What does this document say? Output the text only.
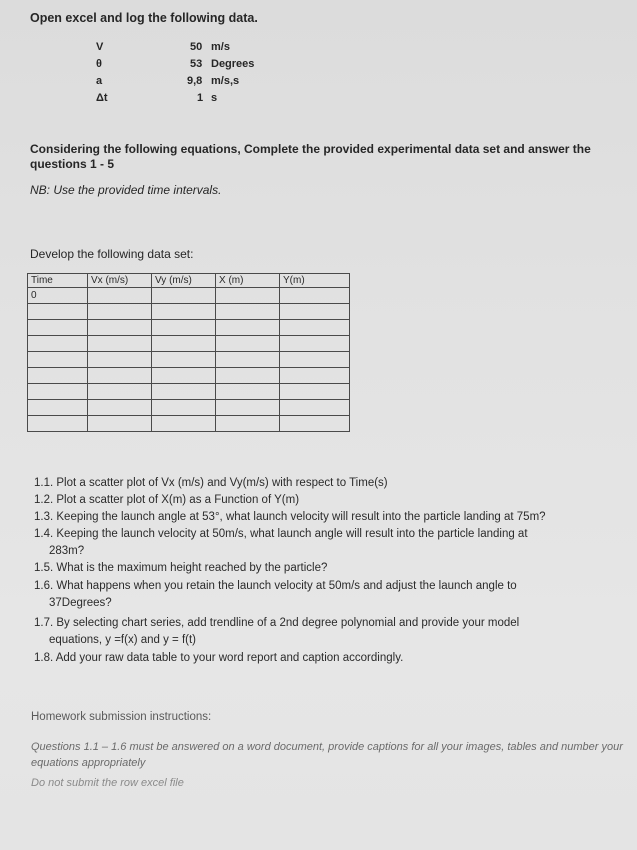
Open excel and log the following data.
V	50 m/s
θ	53 Degrees
a	9,8 m/s,s
Δt	1 s
Considering the following equations, Complete the provided experimental data set and answer the questions 1 - 5
NB: Use the provided time intervals.
Develop the following data set:
Time	Vx (m/s)	Vy (m/s)	X (m)	Y(m)
0				

1.1. Plot a scatter plot of Vx (m/s) and Vy(m/s) with respect to Time(s)
1.2. Plot a scatter plot of X(m) as a Function of Y(m)
1.3. Keeping the launch angle at 53°, what launch velocity will result into the particle landing at 75m?
1.4. Keeping the launch velocity at 50m/s, what launch angle will result into the particle landing at
283m?
1.5. What is the maximum height reached by the particle?
1.6. What happens when you retain the launch velocity at 50m/s and adjust the launch angle to
37Degrees?
1.7. By selecting chart series, add trendline of a 2nd degree polynomial and provide your model
equations, y =f(x) and y = f(t)
1.8. Add your raw data table to your word report and caption accordingly.
Homework submission instructions:
Questions 1.1 – 1.6 must be answered on a word document, provide captions for all your images, tables and number your equations appropriately
Do not submit the row excel file
